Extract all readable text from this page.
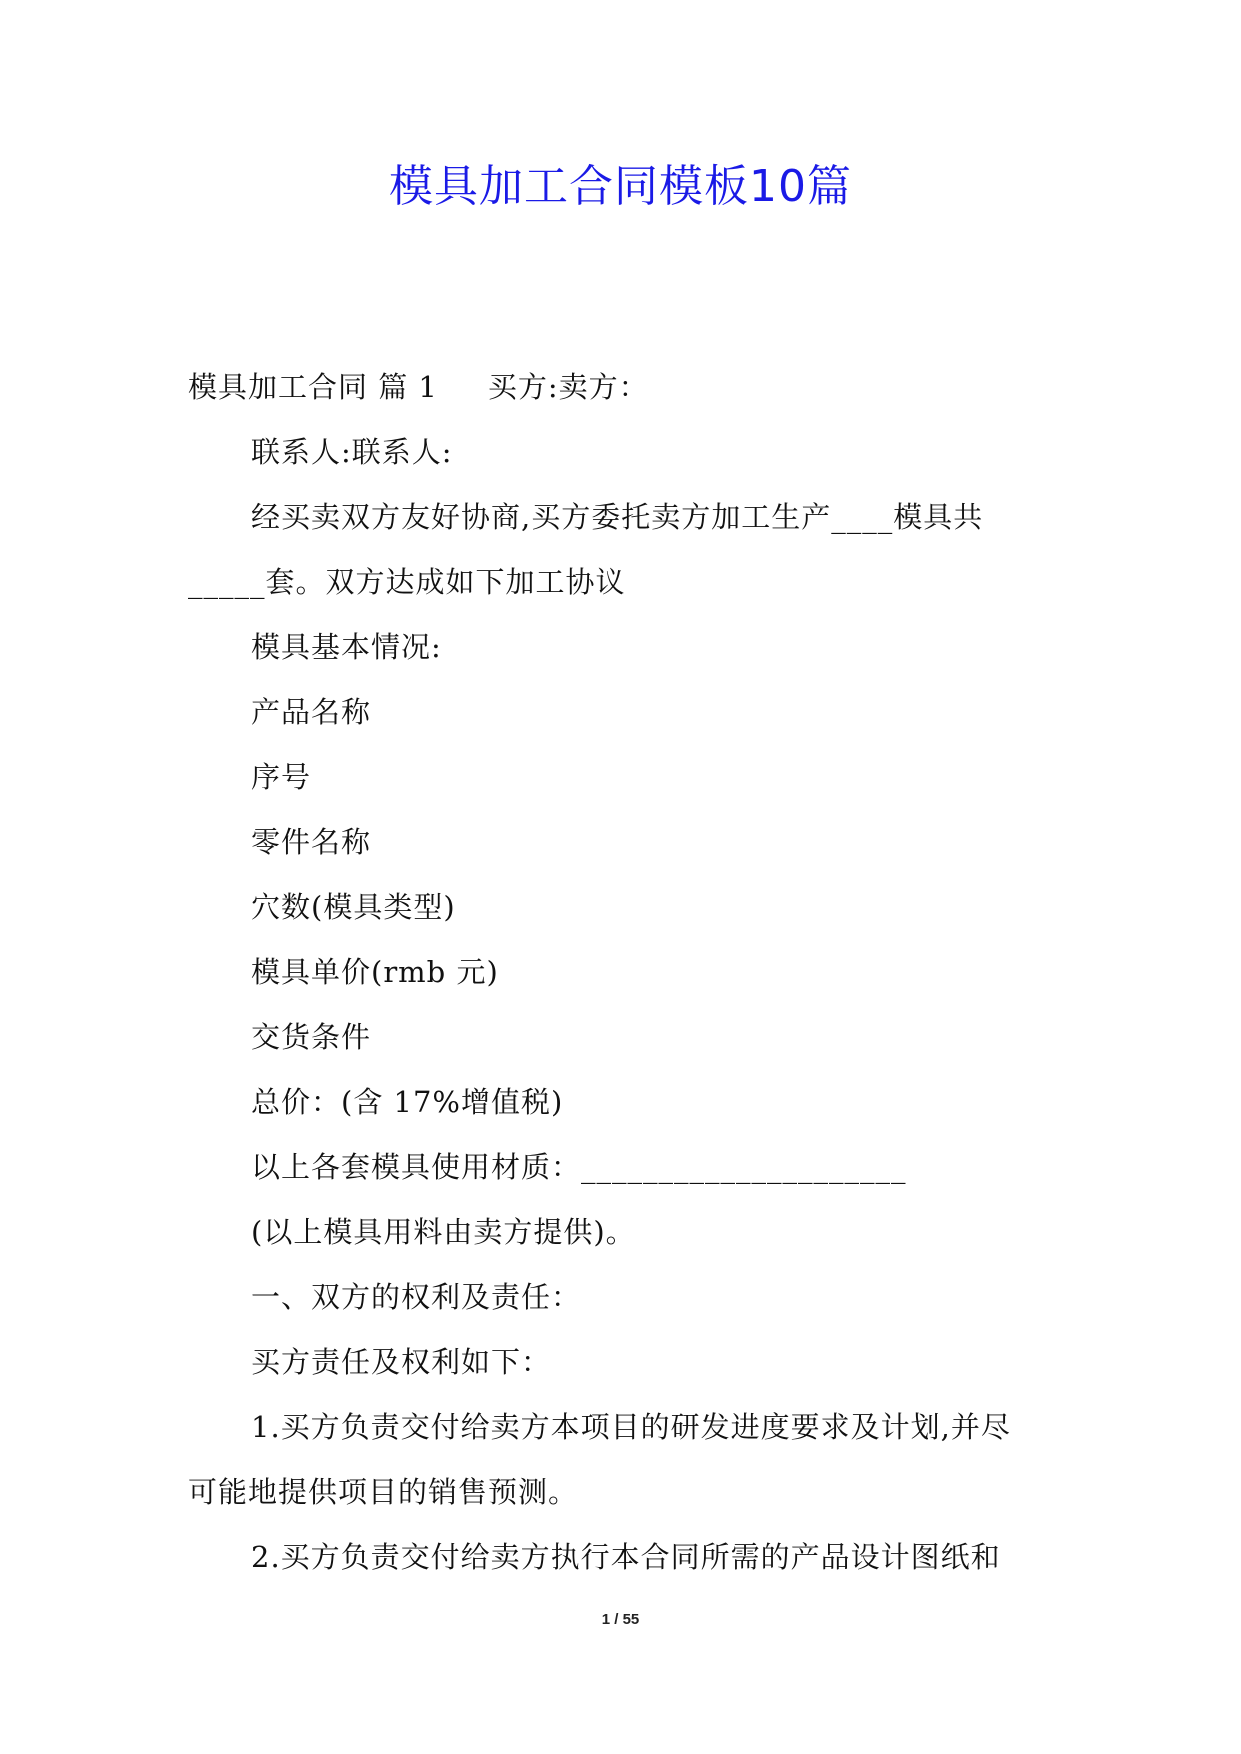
模具加工合同模板10篇
模具加工合同 篇 1 买方:卖方：
联系人:联系人:
经买卖双方友好协商,买方委托卖方加工生产____模具共
_____套。双方达成如下加工协议
模具基本情况:
产品名称
序号
零件名称
穴数(模具类型)
模具单价(rmb 元)
交货条件
总价：(含 17%增值税)
以上各套模具使用材质：_____________________
(以上模具用料由卖方提供)。
一、双方的权利及责任：
买方责任及权利如下：
1.买方负责交付给卖方本项目的研发进度要求及计划,并尽
可能地提供项目的销售预测。
2.买方负责交付给卖方执行本合同所需的产品设计图纸和
1 / 55
